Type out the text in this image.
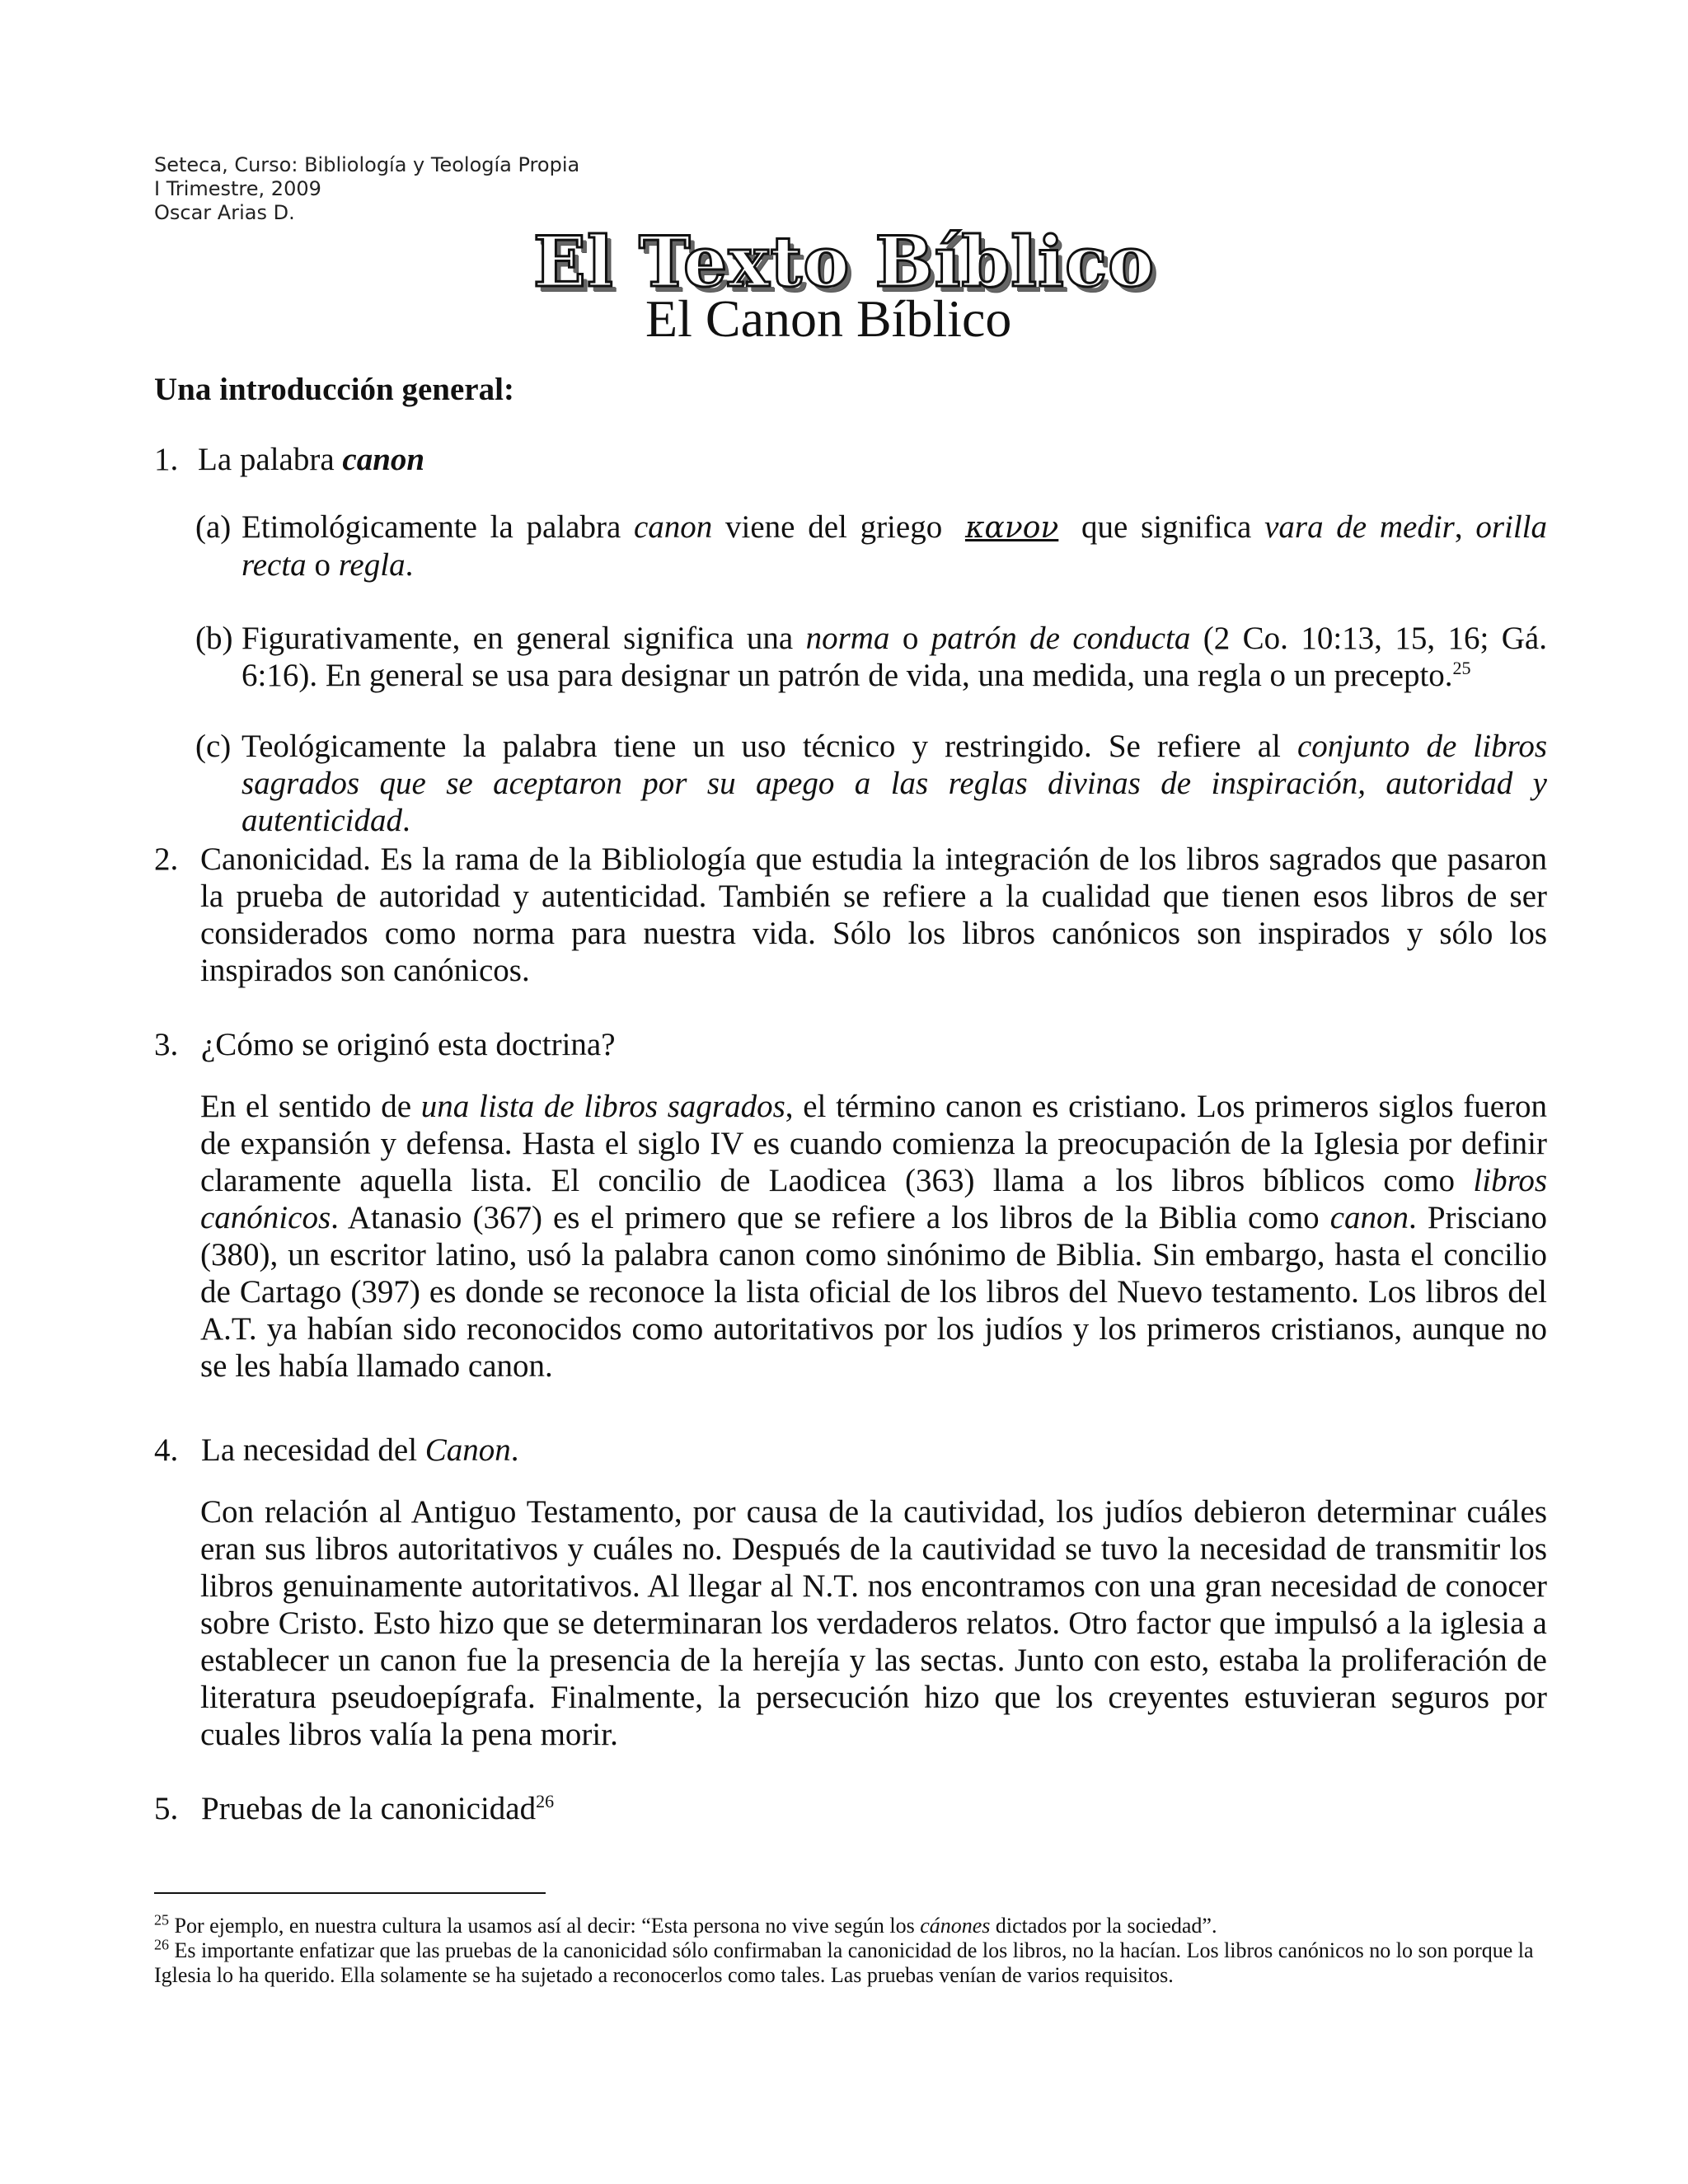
Seteca, Curso: Bibliología y Teología Propia
I Trimestre, 2009
Oscar Arias D.
El Texto Bíblico
El Canon Bíblico
Una introducción general:
1. La palabra canon
(a) Etimológicamente la palabra canon viene del griego κανον que significa vara de medir, orilla recta o regla.
(b) Figurativamente, en general significa una norma o patrón de conducta (2 Co. 10:13, 15, 16; Gá. 6:16). En general se usa para designar un patrón de vida, una medida, una regla o un precepto.$^{25}$
(c) Teológicamente la palabra tiene un uso técnico y restringido. Se refiere al conjunto de libros sagrados que se aceptaron por su apego a las reglas divinas de inspiración, autoridad y autenticidad.
2. Canonicidad. Es la rama de la Bibliología que estudia la integración de los libros sagrados que pasaron la prueba de autoridad y autenticidad. También se refiere a la cualidad que tienen esos libros de ser considerados como norma para nuestra vida. Sólo los libros canónicos son inspirados y sólo los inspirados son canónicos.
3. ¿Cómo se originó esta doctrina?
En el sentido de una lista de libros sagrados, el término canon es cristiano. Los primeros siglos fueron de expansión y defensa. Hasta el siglo IV es cuando comienza la preocupación de la Iglesia por definir claramente aquella lista. El concilio de Laodicea (363) llama a los libros bíblicos como libros canónicos. Atanasio (367) es el primero que se refiere a los libros de la Biblia como canon. Prisciano (380), un escritor latino, usó la palabra canon como sinónimo de Biblia. Sin embargo, hasta el concilio de Cartago (397) es donde se reconoce la lista oficial de los libros del Nuevo testamento. Los libros del A.T. ya habían sido reconocidos como autoritativos por los judíos y los primeros cristianos, aunque no se les había llamado canon.
4. La necesidad del Canon.
Con relación al Antiguo Testamento, por causa de la cautividad, los judíos debieron determinar cuáles eran sus libros autoritativos y cuáles no. Después de la cautividad se tuvo la necesidad de transmitir los libros genuinamente autoritativos. Al llegar al N.T. nos encontramos con una gran necesidad de conocer sobre Cristo. Esto hizo que se determinaran los verdaderos relatos. Otro factor que impulsó a la iglesia a establecer un canon fue la presencia de la herejía y las sectas. Junto con esto, estaba la proliferación de literatura pseudoepígrafa. Finalmente, la persecución hizo que los creyentes estuvieran seguros por cuales libros valía la pena morir.
5. Pruebas de la canonicidad$^{26}$
$^{25}$ Por ejemplo, en nuestra cultura la usamos así al decir: “Esta persona no vive según los cánones dictados por la sociedad”.
$^{26}$ Es importante enfatizar que las pruebas de la canonicidad sólo confirmaban la canonicidad de los libros, no la hacían. Los libros canónicos no lo son porque la Iglesia lo ha querido. Ella solamente se ha sujetado a reconocerlos como tales. Las pruebas venían de varios requisitos.
